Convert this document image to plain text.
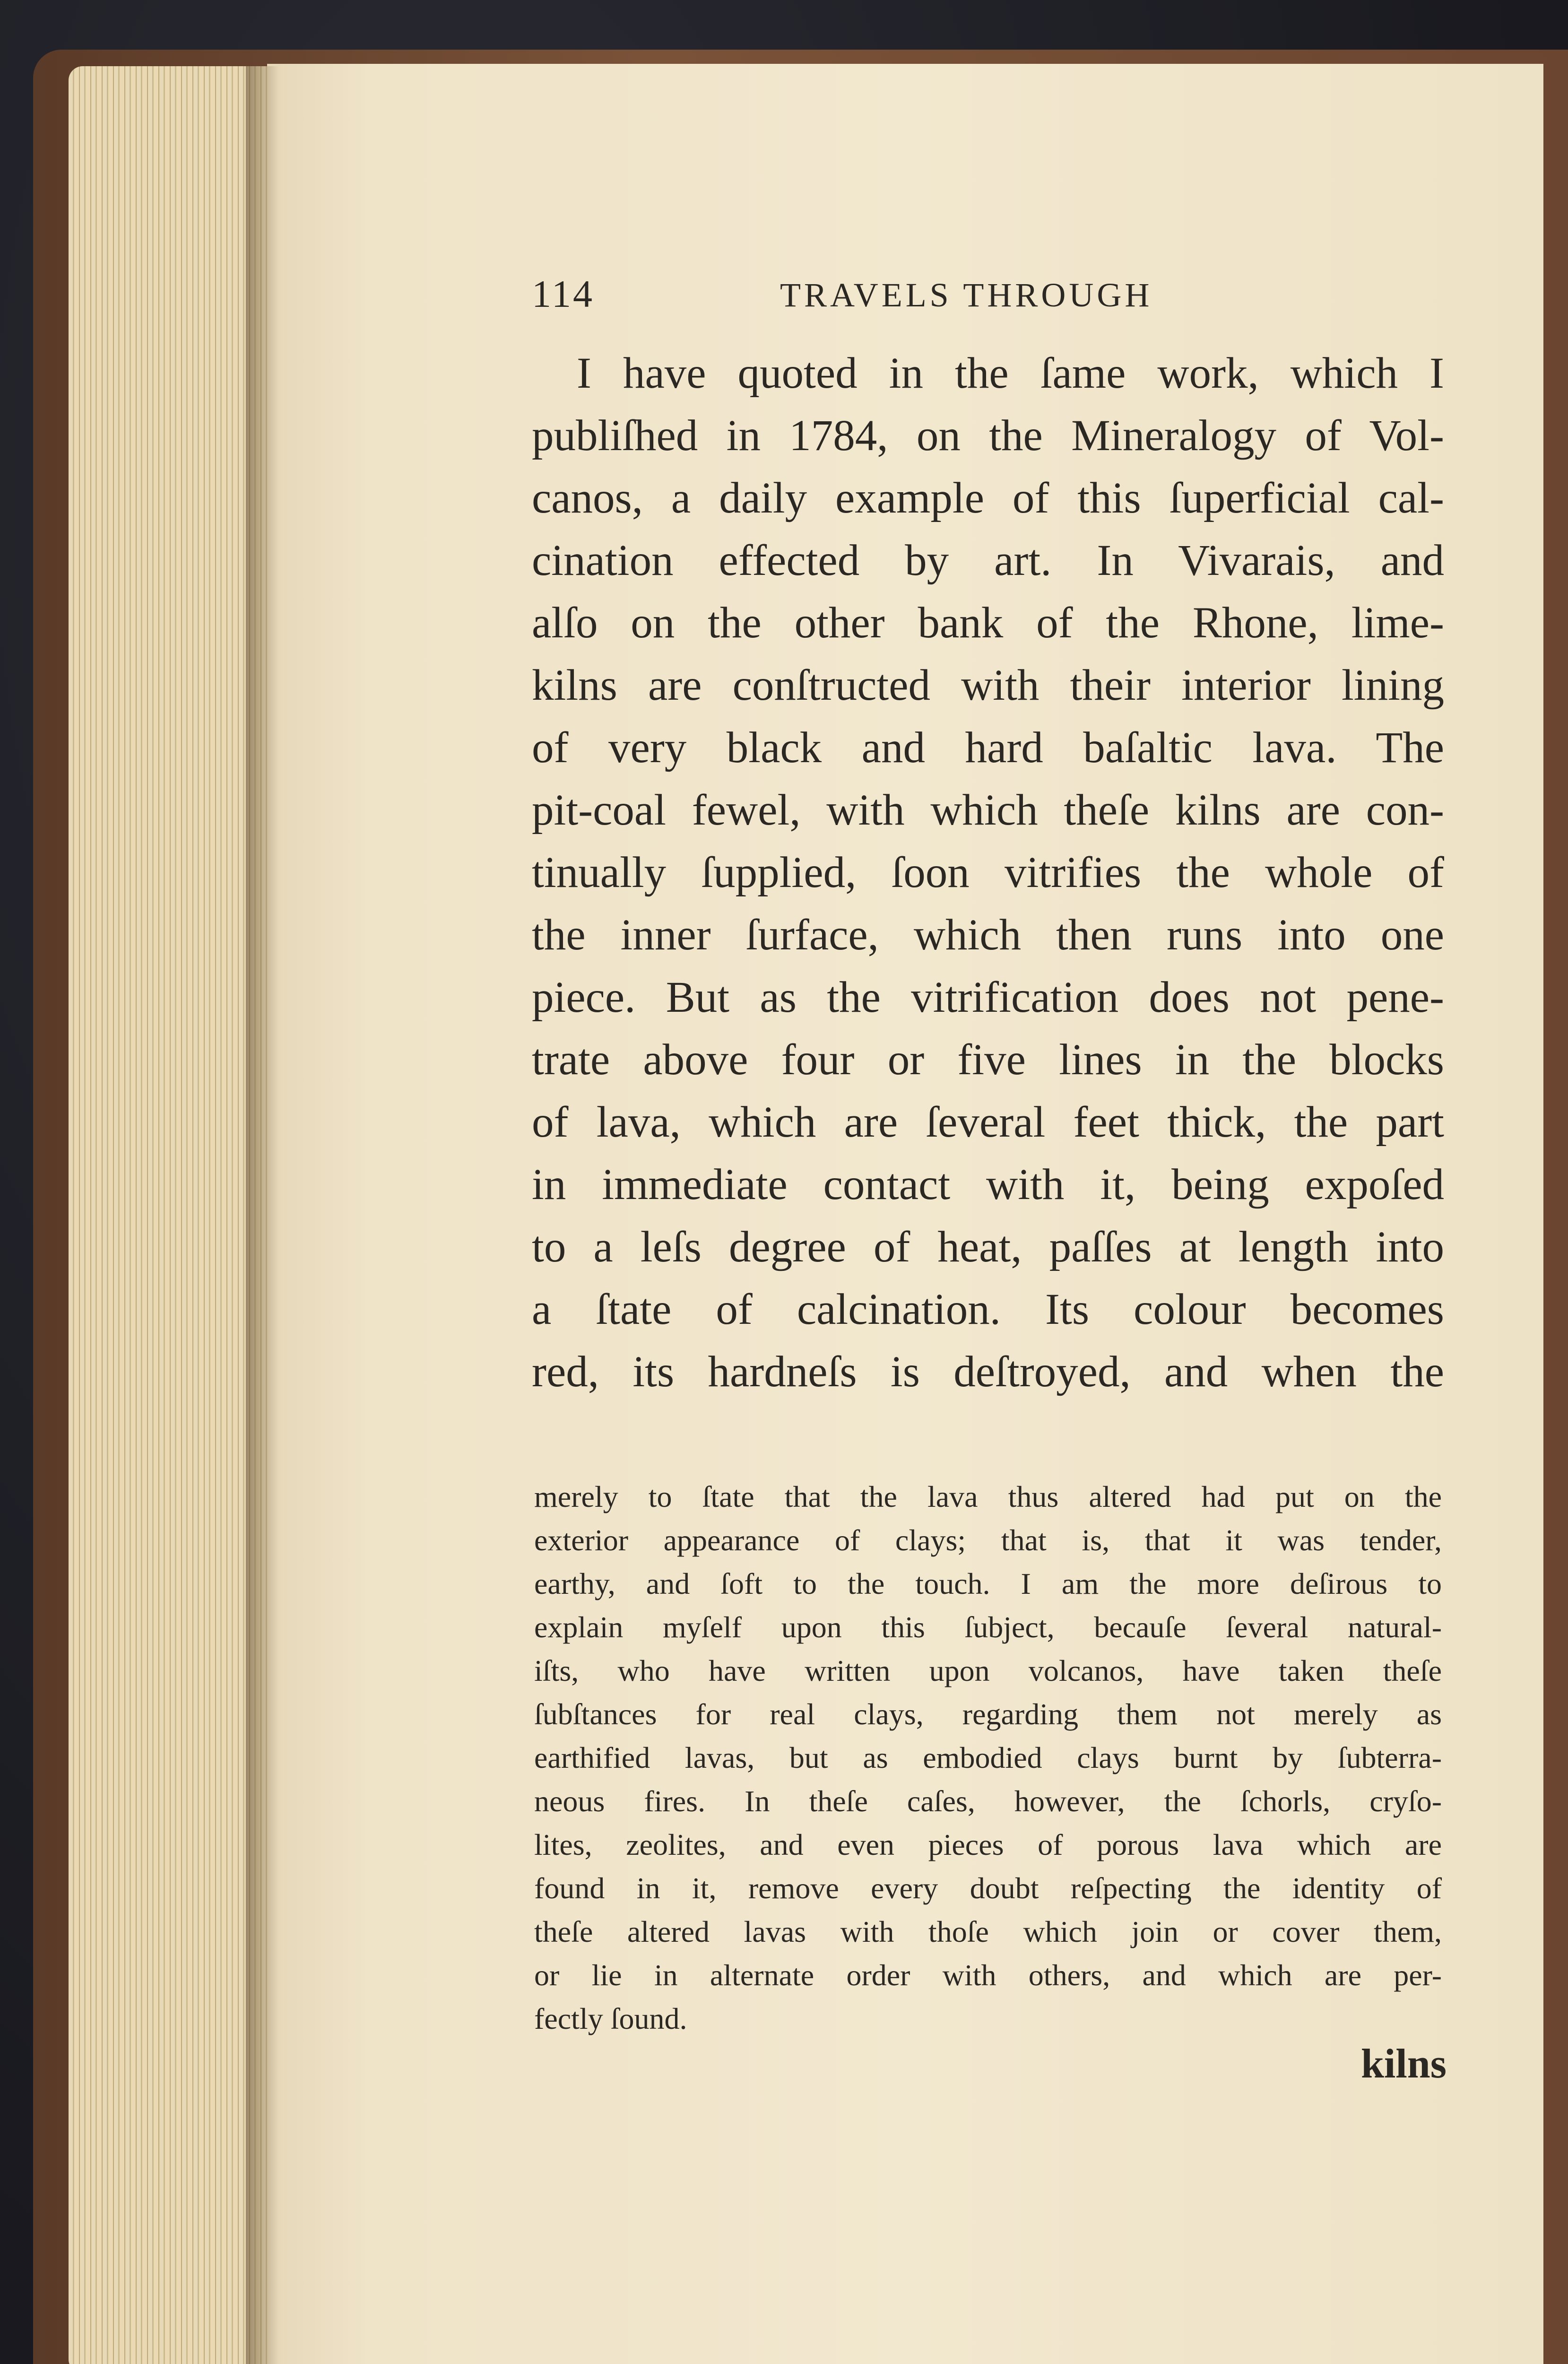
114	TRAVELS THROUGH
I have quoted in the ſame work, which I
publiſhed in 1784, on the Mineralogy of Vol-
canos, a daily example of this ſuperficial cal-
cination effected by art. In Vivarais, and
alſo on the other bank of the Rhone, lime-
kilns are conſtructed with their interior lining
of very black and hard baſaltic lava. The
pit-coal fewel, with which theſe kilns are con-
tinually ſupplied, ſoon vitrifies the whole of
the inner ſurface, which then runs into one
piece. But as the vitrification does not pene-
trate above four or five lines in the blocks
of lava, which are ſeveral feet thick, the part
in immediate contact with it, being expoſed
to a leſs degree of heat, paſſes at length into
a ſtate of calcination. Its colour becomes
red, its hardneſs is deſtroyed, and when the
merely to ſtate that the lava thus altered had put on the
exterior appearance of clays; that is, that it was tender,
earthy, and ſoft to the touch. I am the more deſirous to
explain myſelf upon this ſubject, becauſe ſeveral natural-
iſts, who have written upon volcanos, have taken theſe
ſubſtances for real clays, regarding them not merely as
earthified lavas, but as embodied clays burnt by ſubterra-
neous fires. In theſe caſes, however, the ſchorls, cryſo-
lites, zeolites, and even pieces of porous lava which are
found in it, remove every doubt reſpecting the identity of
theſe altered lavas with thoſe which join or cover them,
or lie in alternate order with others, and which are per-
fectly ſound.
kilns
